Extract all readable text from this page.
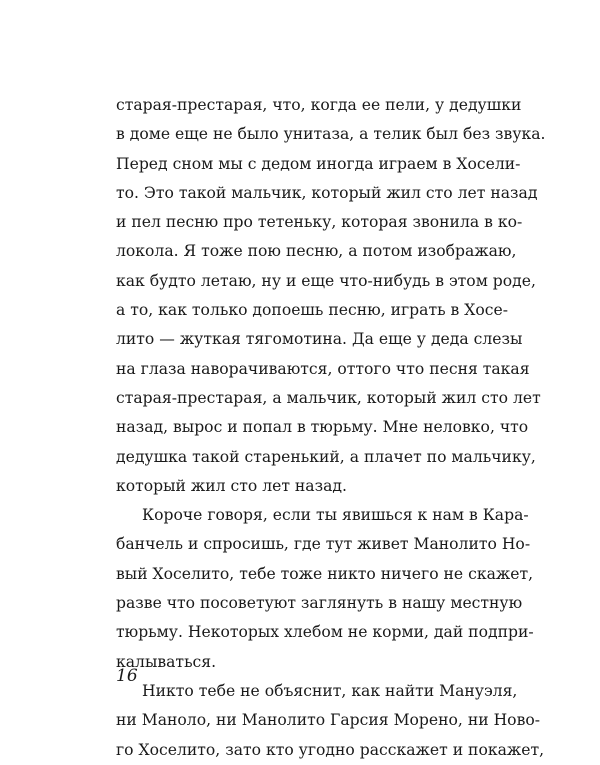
старая-престарая, что, когда ее пели, у дедушки
в доме еще не было унитаза, а телик был без звука.
Перед сном мы с дедом иногда играем в Хосели-
то. Это такой мальчик, который жил сто лет назад
и пел песню про тетеньку, которая звонила в ко-
локола. Я тоже пою песню, а потом изображаю,
как будто летаю, ну и еще что-нибудь в этом роде,
а то, как только допоешь песню, играть в Хосе-
лито — жуткая тягомотина. Да еще у деда слезы
на глаза наворачиваются, оттого что песня такая
старая-престарая, а мальчик, который жил сто лет
назад, вырос и попал в тюрьму. Мне неловко, что
дедушка такой старенький, а плачет по мальчику,
который жил сто лет назад.
Короче говоря, если ты явишься к нам в Кара-
банчель и спросишь, где тут живет Манолито Но-
вый Хоселито, тебе тоже никто ничего не скажет,
разве что посоветуют заглянуть в нашу местную
тюрьму. Некоторых хлебом не корми, дай подпри-
калываться.
Никто тебе не объяснит, как найти Мануэля,
ни Маноло, ни Манолито Гарсия Морено, ни Ново-
го Хоселито, зато кто угодно расскажет и покажет,
16
